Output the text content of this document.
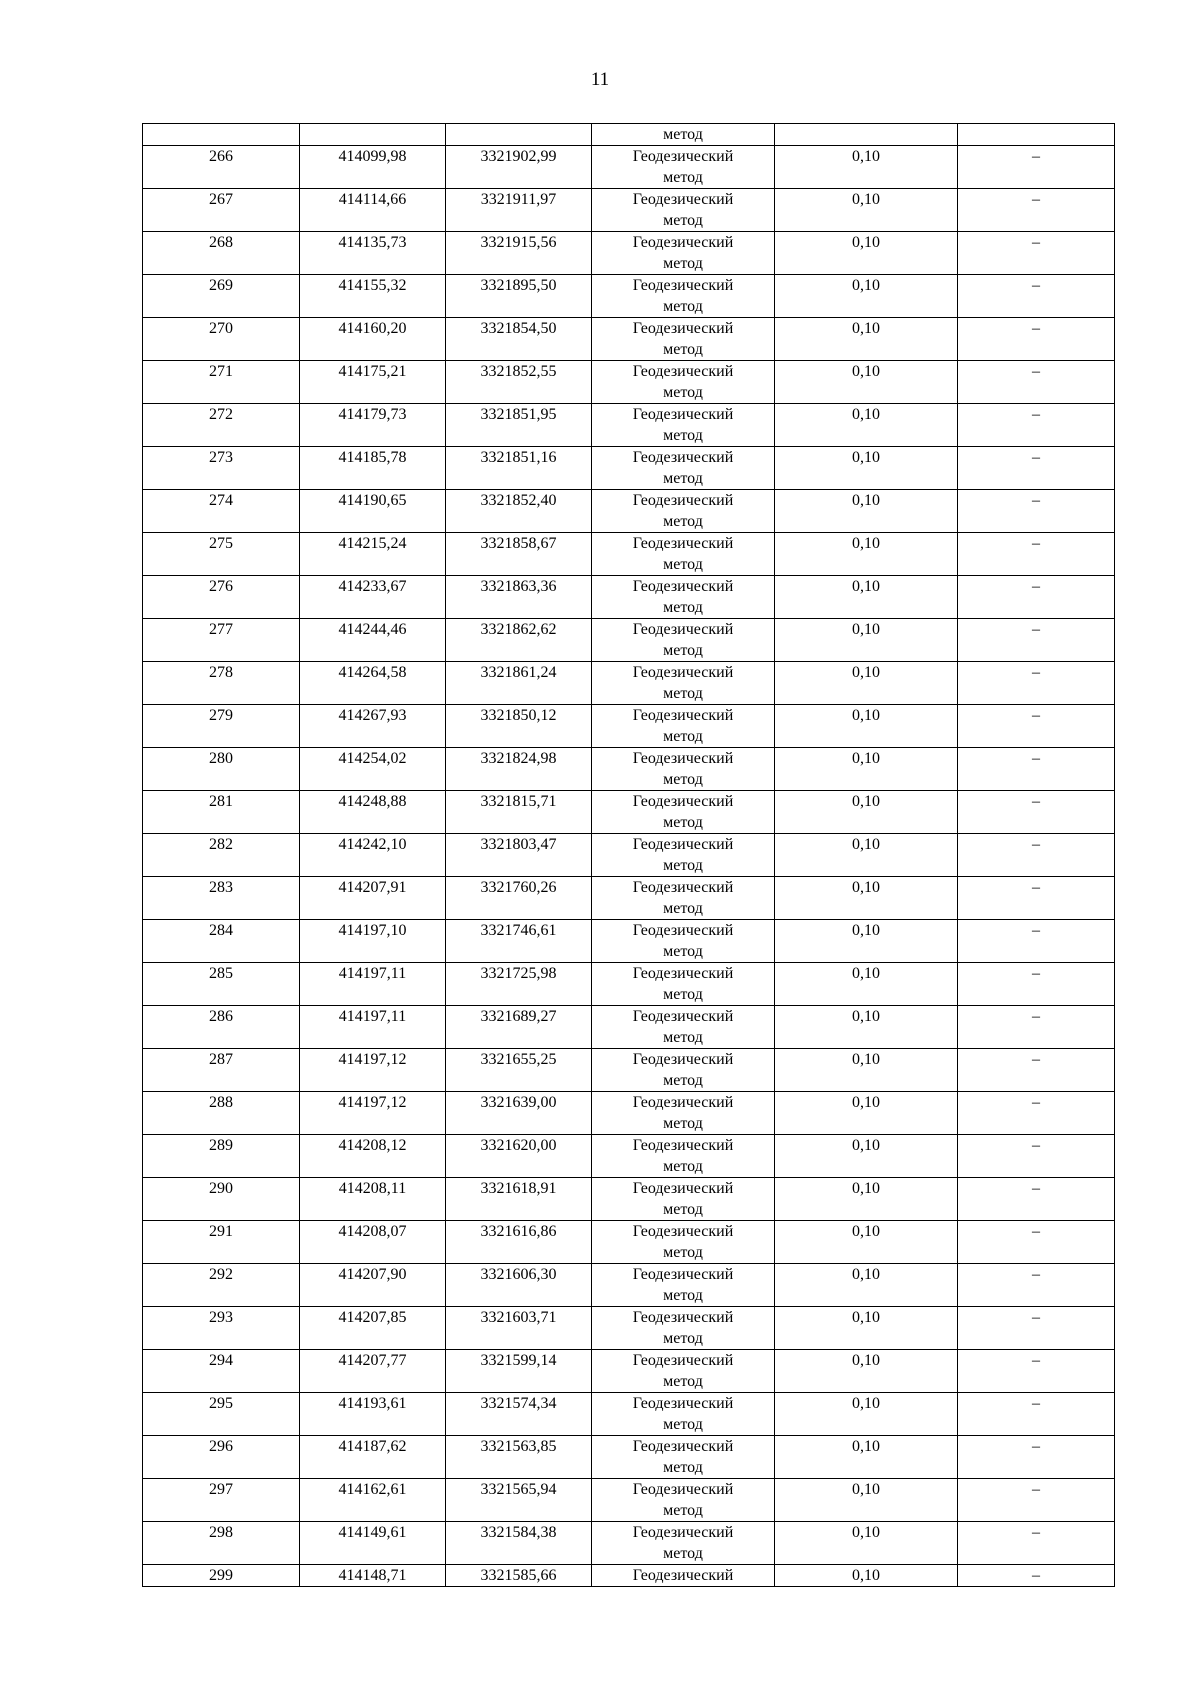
11
			метод		
266	414099,98	3321902,99	Геодезический
метод	0,10	–
267	414114,66	3321911,97	Геодезический
метод	0,10	–
268	414135,73	3321915,56	Геодезический
метод	0,10	–
269	414155,32	3321895,50	Геодезический
метод	0,10	–
270	414160,20	3321854,50	Геодезический
метод	0,10	–
271	414175,21	3321852,55	Геодезический
метод	0,10	–
272	414179,73	3321851,95	Геодезический
метод	0,10	–
273	414185,78	3321851,16	Геодезический
метод	0,10	–
274	414190,65	3321852,40	Геодезический
метод	0,10	–
275	414215,24	3321858,67	Геодезический
метод	0,10	–
276	414233,67	3321863,36	Геодезический
метод	0,10	–
277	414244,46	3321862,62	Геодезический
метод	0,10	–
278	414264,58	3321861,24	Геодезический
метод	0,10	–
279	414267,93	3321850,12	Геодезический
метод	0,10	–
280	414254,02	3321824,98	Геодезический
метод	0,10	–
281	414248,88	3321815,71	Геодезический
метод	0,10	–
282	414242,10	3321803,47	Геодезический
метод	0,10	–
283	414207,91	3321760,26	Геодезический
метод	0,10	–
284	414197,10	3321746,61	Геодезический
метод	0,10	–
285	414197,11	3321725,98	Геодезический
метод	0,10	–
286	414197,11	3321689,27	Геодезический
метод	0,10	–
287	414197,12	3321655,25	Геодезический
метод	0,10	–
288	414197,12	3321639,00	Геодезический
метод	0,10	–
289	414208,12	3321620,00	Геодезический
метод	0,10	–
290	414208,11	3321618,91	Геодезический
метод	0,10	–
291	414208,07	3321616,86	Геодезический
метод	0,10	–
292	414207,90	3321606,30	Геодезический
метод	0,10	–
293	414207,85	3321603,71	Геодезический
метод	0,10	–
294	414207,77	3321599,14	Геодезический
метод	0,10	–
295	414193,61	3321574,34	Геодезический
метод	0,10	–
296	414187,62	3321563,85	Геодезический
метод	0,10	–
297	414162,61	3321565,94	Геодезический
метод	0,10	–
298	414149,61	3321584,38	Геодезический
метод	0,10	–
299	414148,71	3321585,66	Геодезический	0,10	–
